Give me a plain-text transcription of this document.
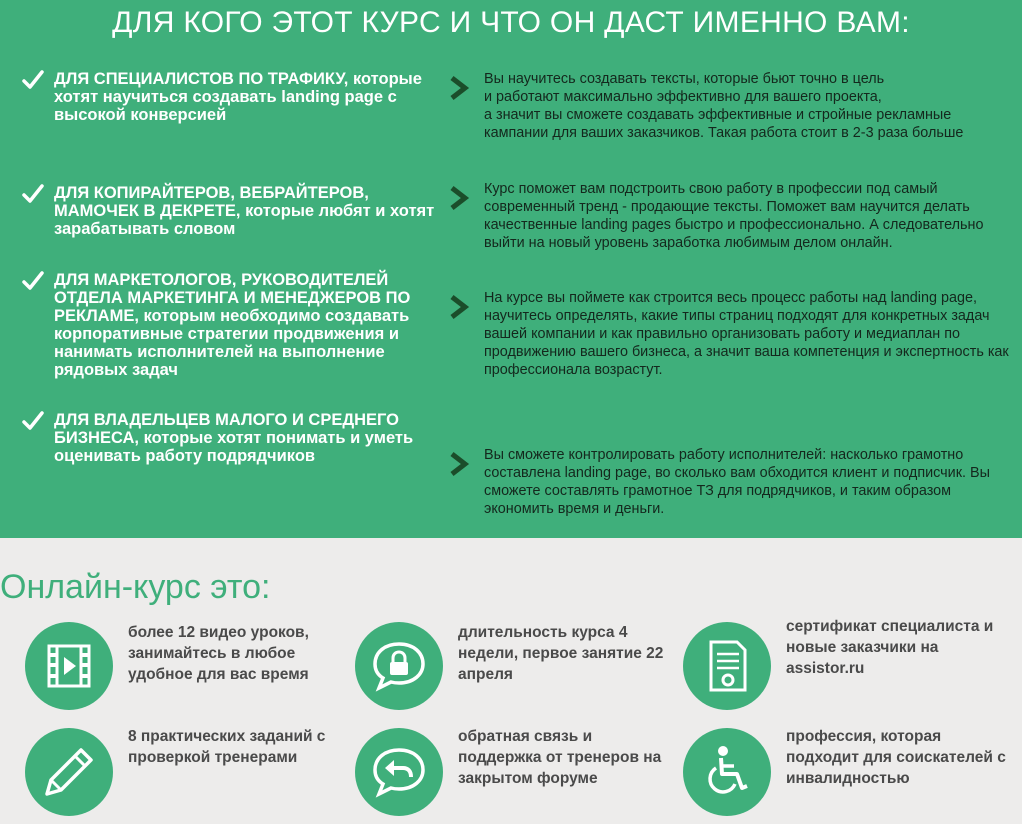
ДЛЯ КОГО ЭТОТ КУРС И ЧТО ОН ДАСТ ИМЕННО ВАМ:
ДЛЯ СПЕЦИАЛИСТОВ ПО ТРАФИКУ, которые хотят научиться создавать landing page с высокой конверсией
ДЛЯ КОПИРАЙТЕРОВ, ВЕБРАЙТЕРОВ, МАМОЧЕК В ДЕКРЕТЕ, которые любят и хотят зарабатывать словом
ДЛЯ МАРКЕТОЛОГОВ, РУКОВОДИТЕЛЕЙ ОТДЕЛА МАРКЕТИНГА И МЕНЕДЖЕРОВ ПО РЕКЛАМЕ, которым необходимо создавать корпоративные стратегии продвижения и нанимать исполнителей на выполнение рядовых задач
ДЛЯ ВЛАДЕЛЬЦЕВ МАЛОГО И СРЕДНЕГО БИЗНЕСА, которые хотят понимать и уметь оценивать работу подрядчиков
Вы научитесь создавать тексты, которые бьют точно в цель
и работают максимально эффективно для вашего проекта,
а значит вы сможете создавать эффективные и стройные рекламные кампании для ваших заказчиков. Такая работа стоит в 2-3 раза больше
Курс поможет вам подстроить свою работу в профессии под самый современный тренд - продающие тексты. Поможет вам научится делать качественные landing pages быстро и профессионально. А следовательно выйти на новый уровень заработка любимым делом онлайн.
На курсе вы поймете как строится весь процесс работы над landing page,
научитесь определять, какие типы страниц подходят для конкретных задач вашей компании и как правильно организовать работу и медиаплан по продвижению вашего бизнеса, а значит ваша компетенция и экспертность как профессионала возрастут.
Вы сможете контролировать работу исполнителей: насколько грамотно составлена landing page, во сколько вам обходится клиент и подписчик. Вы сможете составлять грамотное ТЗ для подрядчиков, и таким образом экономить время и деньги.
Онлайн-курс это:
более 12 видео уроков, занимайтесь в любое удобное для вас время
длительность курса 4 недели, первое занятие 22 апреля
сертификат специалиста и новые заказчики на assistor.ru
8 практических заданий с проверкой тренерами
обратная связь и поддержка от тренеров на закрытом форуме
профессия, которая подходит для соискателей с инвалидностью
